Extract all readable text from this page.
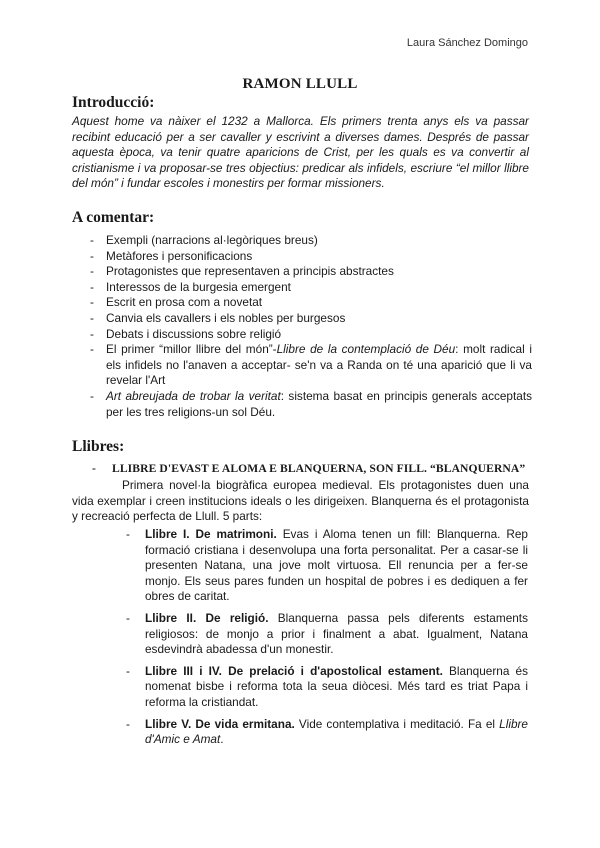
Laura Sánchez Domingo
RAMON LLULL
Introducció:
Aquest home va nàixer el 1232 a Mallorca. Els primers trenta anys els va passar recibint educació per a ser cavaller y escrivint a diverses dames. Després de passar aquesta època, va tenir quatre aparicions de Crist, per les quals es va convertir al cristianisme i va proposar-se tres objectius: predicar als infidels, escriure “el millor llibre del món” i fundar escoles i monestirs per formar missioners.
A comentar:
- Exempli (narracions al·legòriques breus)
- Metàfores i personificacions
- Protagonistes que representaven a principis abstractes
- Interessos de la burgesia emergent
- Escrit en prosa com a novetat
- Canvia els cavallers i els nobles per burgesos
- Debats i discussions sobre religió
- El primer “millor llibre del món”-Llibre de la contemplació de Déu: molt radical i els infidels no l'anaven a acceptar- se'n va a Randa on té una aparició que li va revelar l'Art
- Art abreujada de trobar la veritat: sistema basat en principis generals acceptats per les tres religions-un sol Déu.
Llibres:
- LLIBRE D'EVAST E ALOMA E BLANQUERNA, SON FILL. “BLANQUERNA”
Primera novel·la biogràfica europea medieval. Els protagonistes duen una vida exemplar i creen institucions ideals o les dirigeixen. Blanquerna és el protagonista y recreació perfecta de Llull. 5 parts:
- Llibre I. De matrimoni. Evas i Aloma tenen un fill: Blanquerna. Rep formació cristiana i desenvolupa una forta personalitat. Per a casar-se li presenten Natana, una jove molt virtuosa. Ell renuncia per a fer-se monjo. Els seus pares funden un hospital de pobres i es dediquen a fer obres de caritat.
- Llibre II. De religió. Blanquerna passa pels diferents estaments religiosos: de monjo a prior i finalment a abat. Igualment, Natana esdevindrà abadessa d'un monestir.
- Llibre III i IV. De prelació i d'apostolical estament. Blanquerna és nomenat bisbe i reforma tota la seua diòcesi. Més tard es triat Papa i reforma la cristiandat.
- Llibre V. De vida ermitana. Vide contemplativa i meditació. Fa el Llibre d'Amic e Amat.
